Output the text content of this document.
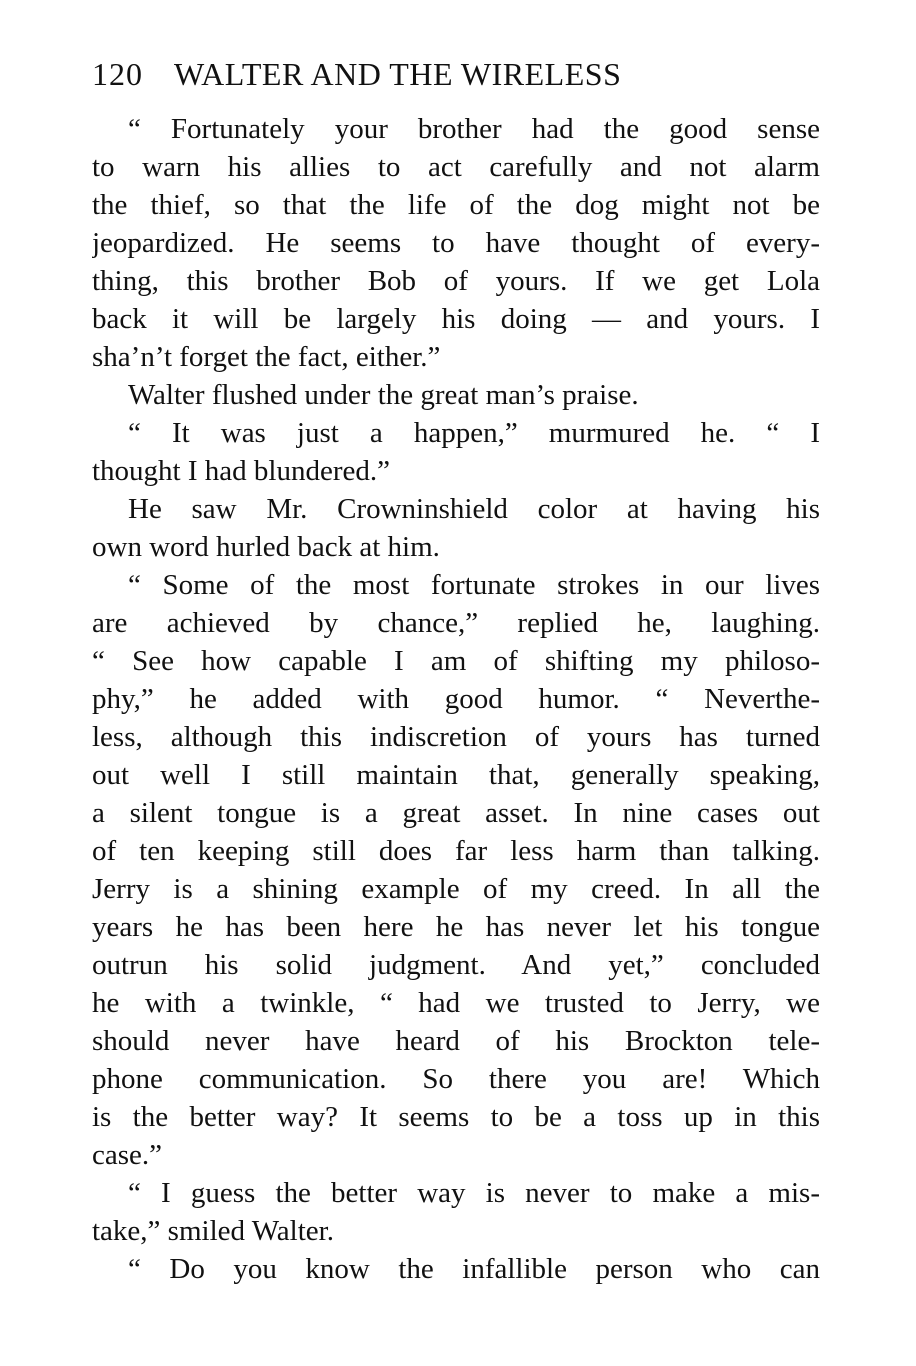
120 WALTER AND THE WIRELESS
“ Fortunately your brother had the good sense
to warn his allies to act carefully and not alarm
the thief, so that the life of the dog might not be
jeopardized. He seems to have thought of every-
thing, this brother Bob of yours. If we get Lola
back it will be largely his doing — and yours. I
sha’n’t forget the fact, either.”
Walter flushed under the great man’s praise.
“ It was just a happen,” murmured he. “ I
thought I had blundered.”
He saw Mr. Crowninshield color at having his
own word hurled back at him.
“ Some of the most fortunate strokes in our lives
are achieved by chance,” replied he, laughing.
“ See how capable I am of shifting my philoso-
phy,” he added with good humor. “ Neverthe-
less, although this indiscretion of yours has turned
out well I still maintain that, generally speaking,
a silent tongue is a great asset. In nine cases out
of ten keeping still does far less harm than talking.
Jerry is a shining example of my creed. In all the
years he has been here he has never let his tongue
outrun his solid judgment. And yet,” concluded
he with a twinkle, “ had we trusted to Jerry, we
should never have heard of his Brockton tele-
phone communication. So there you are! Which
is the better way? It seems to be a toss up in this
case.”
“ I guess the better way is never to make a mis-
take,” smiled Walter.
“ Do you know the infallible person who can
